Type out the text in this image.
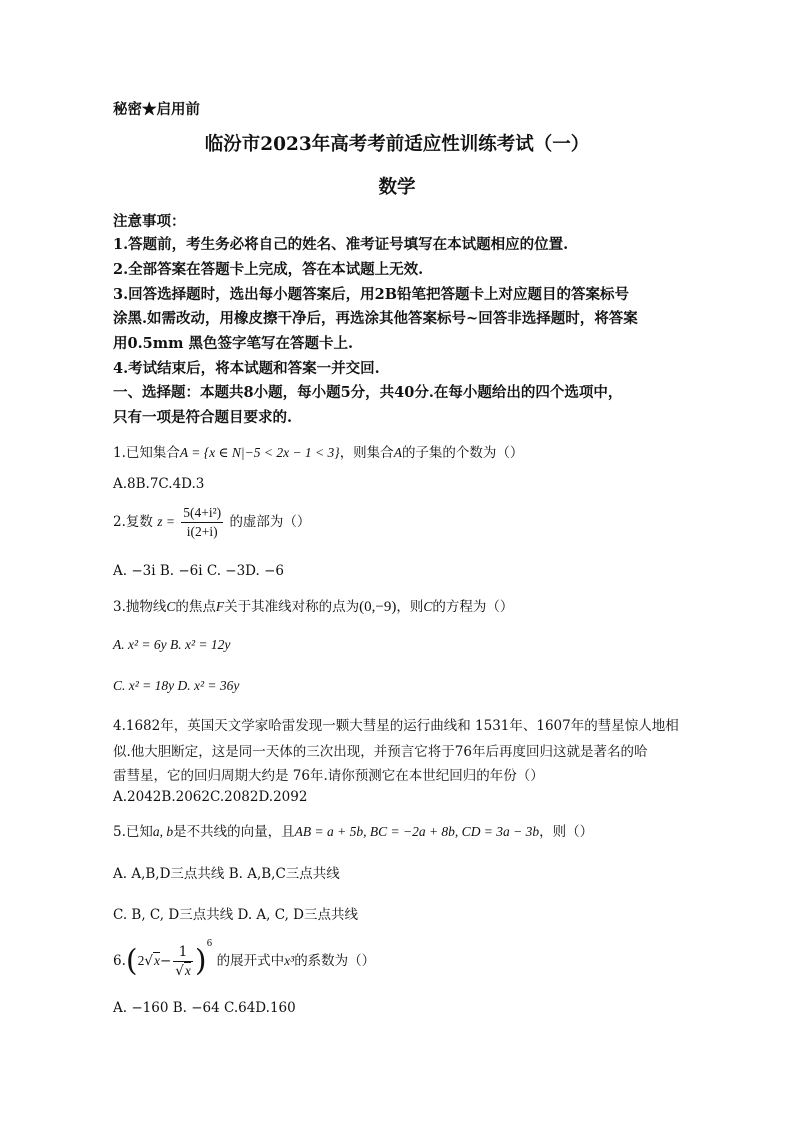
秘密★启用前
临汾市2023年高考考前适应性训练考试（一）
数学
注意事项：
1.答题前，考生务必将自己的姓名、准考证号填写在本试题相应的位置.
2.全部答案在答题卡上完成，答在本试题上无效.
3.回答选择题时，选出每小题答案后，用2B铅笔把答题卡上对应题目的答案标号
涂黑.如需改动，用橡皮擦干净后，再选涂其他答案标号~回答非选择题时，将答案
用0.5mm 黑色签字笔写在答题卡上.
4.考试结束后，将本试题和答案一并交回.
一、选择题：本题共8小题，每小题5分，共40分.在每小题给出的四个选项中，
只有一项是符合题目要求的.
1.已知集合A = {x ∈ N|−5 < 2x − 1 < 3}，则集合A的子集的个数为（）
A.8B.7C.4D.3
2.复数 $z = \frac{\text{5(4+i²)}}{i(2+i)}$ 的虚部为（）
A. −3i B. −6i C. −3D. −6
3.抛物线C的焦点F关于其准线对称的点为(0,−9)，则C的方程为（）
A. x² = 6y B. x² = 12y
C. x² = 18y D. x² = 36y
4.1682年，英国天文学家哈雷发现一颗大彗星的运行曲线和 1531年、1607年的彗星惊人地相
似.他大胆断定，这是同一天体的三次出现，并预言它将于76年后再度回归这就是著名的哈
雷彗星，它的回归周期大约是 76年.请你预测它在本世纪回归的年份（）
A.2042B.2062C.2082D.2092
5.已知a, b是不共线的向量，且AB = a + 5b, BC = −2a + 8b, CD = 3a − 3b，则（）
A. A,B,D三点共线 B. A,B,C三点共线
C. B, C, D三点共线 D. A, C, D三点共线
$6.(2√x- \frac{1}{√x} )^6$ 的展开式中x³的系数为（）
A. −160 B. −64 C.64D.160
